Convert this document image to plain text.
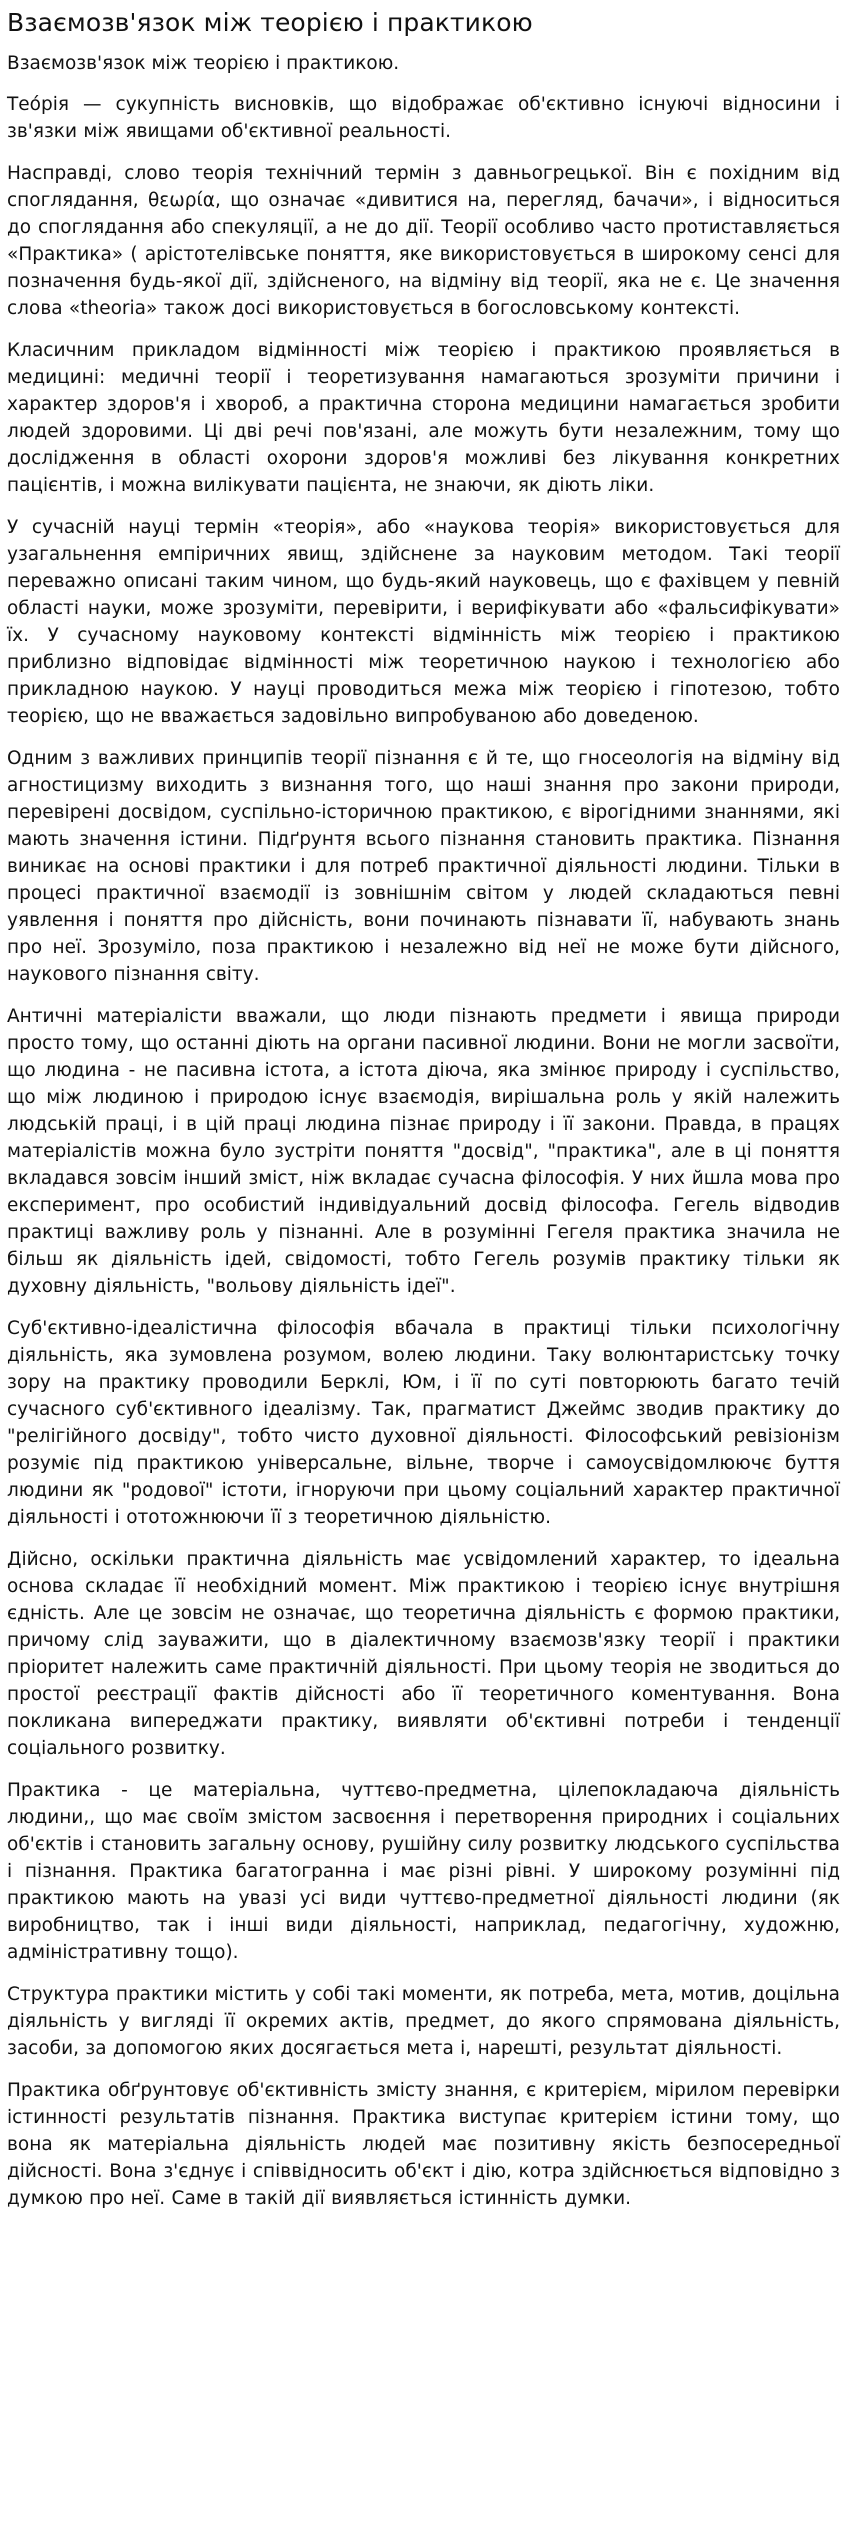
Взаємозв'язок між теорією і практикою
Взаємозв'язок між теорією і практикою.

Тео́рія — сукупність висновків, що відображає об'єктивно існуючі відносини і зв'язки між явищами об'єктивної реальності.

Насправді, слово теорія технічний термін з давньогрецької. Він є похідним від споглядання, θεωρία, що означає «дивитися на, перегляд, бачачи», і відноситься до споглядання або спекуляції, а не до дії. Теорії особливо часто протиставляється «Практика» ( арістотелівське поняття, яке використовується в широкому сенсі для позначення будь-якої дії, здійсненого, на відміну від теорії, яка не є. Це значення слова «theoria» також досі використовується в богословському контексті.

Класичним прикладом відмінності між теорією і практикою проявляється в медицині: медичні теорії і теоретизування намагаються зрозуміти причини і характер здоров'я і хвороб, а практична сторона медицини намагається зробити людей здоровими. Ці дві речі пов'язані, але можуть бути незалежним, тому що дослідження в області охорони здоров'я можливі без лікування конкретних пацієнтів, і можна вилікувати пацієнта, не знаючи, як діють ліки.

У сучасній науці термін «теорія», або «наукова теорія» використовується для узагальнення емпіричних явищ, здійснене за науковим методом. Такі теорії переважно описані таким чином, що будь-який науковець, що є фахівцем у певній області науки, може зрозуміти, перевірити, і верифікувати або «фальсифікувати» їх. У сучасному науковому контексті відмінність між теорією і практикою приблизно відповідає відмінності між теоретичною наукою і технологією або прикладною наукою. У науці проводиться межа між теорією і гіпотезою, тобто теорією, що не вважається задовільно випробуваною або доведеною.

Одним з важливих принципів теорії пізнання є й те, що гносеологія на відміну від агностицизму виходить з визнання того, що наші знання про закони природи, перевірені досвідом, суспільно-історичною практикою, є вірогідними знаннями, які мають значення істини. Підґрунтя всього пізнання становить практика. Пізнання виникає на основі практики і для потреб практичної діяльності людини. Тільки в процесі практичної взаємодії із зовнішнім світом у людей складаються певні уявлення і поняття про дійсність, вони починають пізнавати її, набувають знань про неї. Зрозуміло, поза практикою і незалежно від неї не може бути дійсного, наукового пізнання світу.

Античні матеріалісти вважали, що люди пізнають предмети і явища природи просто тому, що останні діють на органи пасивної людини. Вони не могли засвоїти, що людина - не пасивна істота, а істота діюча, яка змінює природу і суспільство, що між людиною і природою існує взаємодія, вирішальна роль у якій належить людській праці, і в цій праці людина пізнає природу і її закони. Правда, в працях матеріалістів можна було зустріти поняття "досвід", "практика", але в ці поняття вкладався зовсім інший зміст, ніж вкладає сучасна філософія. У них йшла мова про експеримент, про особистий індивідуальний досвід філософа. Гегель відводив практиці важливу роль у пізнанні. Але в розумінні Гегеля практика значила не більш як діяльність ідей, свідомості, тобто Гегель розумів практику тільки як духовну діяльність, "вольову діяльність ідеї".

Суб'єктивно-ідеалістична філософія вбачала в практиці тільки психологічну діяльність, яка зумовлена розумом, волею людини. Таку волюнтаристську точку зору на практику проводили Берклі, Юм, і її по суті повторюють багато течій сучасного суб'єктивного ідеалізму. Так, прагматист Джеймс зводив практику до "релігійного досвіду", тобто чисто духовної діяльності. Філософський ревізіонізм розуміє під практикою універсальне, вільне, творче і самоусвідомлюючє буття людини як "родової" істоти, ігноруючи при цьому соціальний характер практичної діяльності і ототожнюючи її з теоретичною діяльністю.

Дійсно, оскільки практична діяльність має усвідомлений характер, то ідеальна основа складає її необхідний момент. Між практикою і теорією існує внутрішня єдність. Але це зовсім не означає, що теоретична діяльність є формою практики, причому слід зауважити, що в діалектичному взаємозв'язку теорії і практики пріоритет належить саме практичній діяльності. При цьому теорія не зводиться до простої реєстрації фактів дійсності або її теоретичного коментування. Вона покликана випереджати практику, виявляти об'єктивні потреби і тенденції соціального розвитку.

Практика - це матеріальна, чуттєво-предметна, цілепокладаюча діяльність людини,, що має своїм змістом засвоєння і перетворення природних і соціальних об'єктів і становить загальну основу, рушійну силу розвитку людського суспільства і пізнання. Практика багатогранна і має різні рівні. У широкому розумінні під практикою мають на увазі усі види чуттєво-предметної діяльності людини (як виробництво, так і інші види діяльності, наприклад, педагогічну, художню, адміністративну тощо).

Структура практики містить у собі такі моменти, як потреба, мета, мотив, доцільна діяльність у вигляді її окремих актів, предмет, до якого спрямована діяльність, засоби, за допомогою яких досягається мета і, нарешті, результат діяльності.

Практика обґрунтовує об'єктивність змісту знання, є критерієм, мірилом перевірки істинності результатів пізнання. Практика виступає критерієм істини тому, що вона як матеріальна діяльність людей має позитивну якість безпосередньої дійсності. Вона з'єднує і співвідносить об'єкт і дію, котра здійснюється відповідно з думкою про неї. Саме в такій дії виявляється істинність думки.
